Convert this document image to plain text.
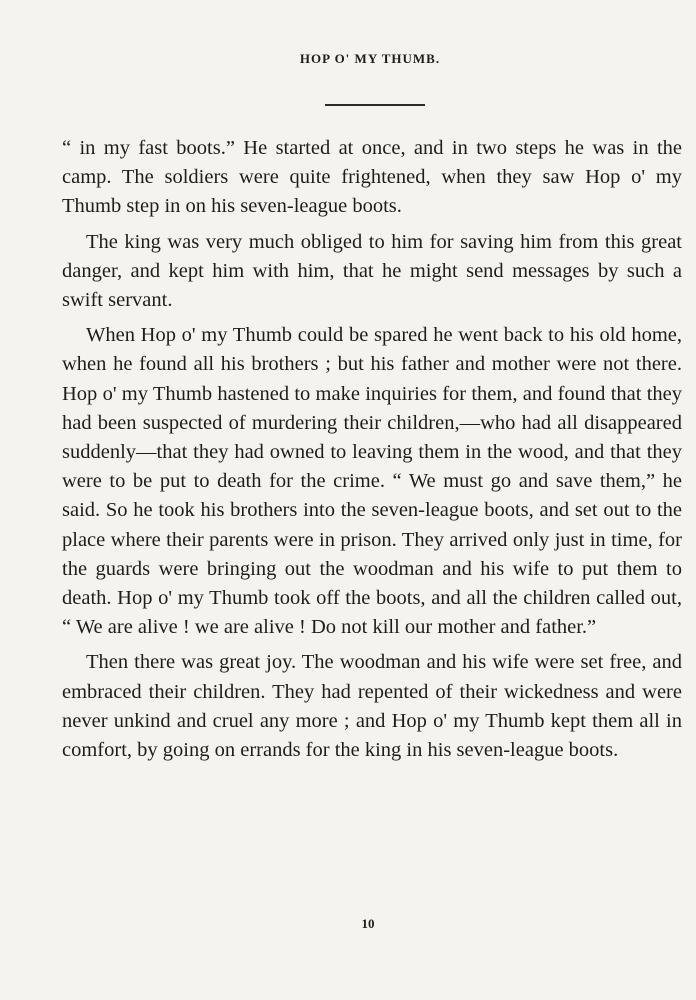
HOP O' MY THUMB.

“ in my fast boots.” He started at once, and in two steps he was in the camp. The soldiers were quite frightened, when they saw Hop o' my Thumb step in on his seven-league boots.

The king was very much obliged to him for saving him from this great danger, and kept him with him, that he might send messages by such a swift servant.

When Hop o' my Thumb could be spared he went back to his old home, when he found all his brothers ; but his father and mother were not there. Hop o' my Thumb hastened to make inquiries for them, and found that they had been suspected of murdering their children,—who had all disappeared suddenly—that they had owned to leaving them in the wood, and that they were to be put to death for the crime. “ We must go and save them,” he said. So he took his brothers into the seven-league boots, and set out to the place where their parents were in prison. They arrived only just in time, for the guards were bringing out the woodman and his wife to put them to death. Hop o' my Thumb took off the boots, and all the children called out, “ We are alive ! we are alive ! Do not kill our mother and father.”

Then there was great joy. The woodman and his wife were set free, and embraced their children. They had repented of their wickedness and were never unkind and cruel any more ; and Hop o' my Thumb kept them all in comfort, by going on errands for the king in his seven-league boots.

10
